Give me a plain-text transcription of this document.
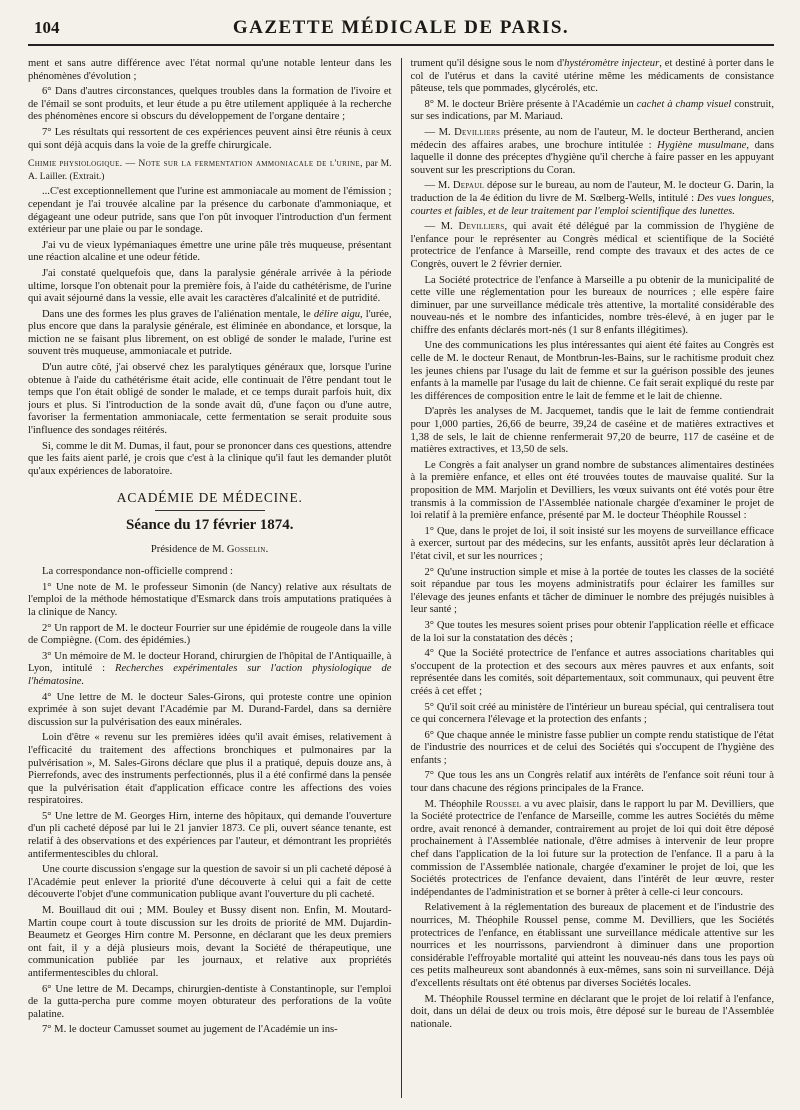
104	GAZETTE MÉDICALE DE PARIS.

ment et sans autre différence avec l'état normal qu'une notable lenteur dans les phénomènes d'évolution ;

6° Dans d'autres circonstances, quelques troubles dans la formation de l'ivoire et de l'émail se sont produits, et leur étude a pu être utilement appliquée à la recherche des phénomènes encore si obscurs du développement de l'organe dentaire ;

7° Les résultats qui ressortent de ces expériences peuvent ainsi être réunis à ceux qui sont déjà acquis dans la voie de la greffe chirurgicale.

Chimie physiologique. — Note sur la fermentation ammoniacale de l'urine, par M. A. Lailler. (Extrait.)

...C'est exceptionnellement que l'urine est ammoniacale au moment de l'émission ; cependant je l'ai trouvée alcaline par la présence du carbonate d'ammoniaque, et dégageant une odeur putride, sans que l'on pût invoquer l'introduction d'un ferment extérieur par une plaie ou par le sondage.

J'ai vu de vieux lypémaniaques émettre une urine pâle très muqueuse, présentant une réaction alcaline et une odeur fétide.

J'ai constaté quelquefois que, dans la paralysie générale arrivée à la période ultime, lorsque l'on obtenait pour la première fois, à l'aide du cathétérisme, de l'urine qui avait séjourné dans la vessie, elle avait les caractères d'alcalinité et de putridité.

Dans une des formes les plus graves de l'aliénation mentale, le délire aigu, l'urée, plus encore que dans la paralysie générale, est éliminée en abondance, et lorsque, la miction ne se faisant plus librement, on est obligé de sonder le malade, l'urine est souvent très muqueuse, ammoniacale et putride.

D'un autre côté, j'ai observé chez les paralytiques généraux que, lorsque l'urine obtenue à l'aide du cathétérisme était acide, elle continuait de l'être pendant tout le temps que l'on était obligé de sonder le malade, et ce temps durait parfois huit, dix jours et plus. Si l'introduction de la sonde avait dû, d'une façon ou d'une autre, favoriser la fermentation ammoniacale, cette fermentation se serait produite sous l'influence des sondages réitérés.

Si, comme le dit M. Dumas, il faut, pour se prononcer dans ces questions, attendre que les faits aient parlé, je crois que c'est à la clinique qu'il faut les demander plutôt qu'aux expériences de laboratoire.

ACADÉMIE DE MÉDECINE.
Séance du 17 février 1874.

Présidence de M. Gosselin.

La correspondance non-officielle comprend :

1° Une note de M. le professeur Simonin (de Nancy) relative aux résultats de l'emploi de la méthode hémostatique d'Esmarck dans trois amputations pratiquées à la clinique de Nancy.

2° Un rapport de M. le docteur Fourrier sur une épidémie de rougeole dans la ville de Compiègne. (Com. des épidémies.)

3° Un mémoire de M. le docteur Horand, chirurgien de l'hôpital de l'Antiquaille, à Lyon, intitulé : Recherches expérimentales sur l'action physiologique de l'hématosine.

4° Une lettre de M. le docteur Sales-Girons, qui proteste contre une opinion exprimée à son sujet devant l'Académie par M. Durand-Fardel, dans sa dernière discussion sur la pulvérisation des eaux minérales.

Loin d'être « revenu sur les premières idées qu'il avait émises, relativement à l'efficacité du traitement des affections bronchiques et pulmonaires par la pulvérisation », M. Sales-Girons déclare que plus il a pratiqué, depuis douze ans, à Pierrefonds, avec des instruments perfectionnés, plus il a été confirmé dans la pensée que la pulvérisation était d'application efficace contre les affections des voies respiratoires.

5° Une lettre de M. Georges Hirn, interne des hôpitaux, qui demande l'ouverture d'un pli cacheté déposé par lui le 21 janvier 1873. Ce pli, ouvert séance tenante, est relatif à des observations et des expériences par l'auteur, et démontrant les propriétés antifermentescibles du chloral.

Une courte discussion s'engage sur la question de savoir si un pli cacheté déposé à l'Académie peut enlever la priorité d'une découverte à celui qui a fait de cette découverte l'objet d'une communication publique avant l'ouverture du pli cacheté.

M. Bouillaud dit oui ; MM. Bouley et Bussy disent non. Enfin, M. Moutard-Martin coupe court à toute discussion sur les droits de priorité de MM. Dujardin-Beaumetz et Georges Hirn contre M. Personne, en déclarant que les deux premiers ont fait, il y a déjà plusieurs mois, devant la Société de thérapeutique, une communication publiée par les journaux, et relative aux propriétés antifermentescibles du chloral.

6° Une lettre de M. Decamps, chirurgien-dentiste à Constantinople, sur l'emploi de la gutta-percha pure comme moyen obturateur des perforations de la voûte palatine.

7° M. le docteur Camusset soumet au jugement de l'Académie un ins-

trument qu'il désigne sous le nom d'hystéromètre injecteur, et destiné à porter dans le col de l'utérus et dans la cavité utérine même les médicaments de consistance pâteuse, tels que pommades, glycérolés, etc.

8° M. le docteur Brière présente à l'Académie un cachet à champ visuel construit, sur ses indications, par M. Mariaud.

— M. Devilliers présente, au nom de l'auteur, M. le docteur Bertherand, ancien médecin des affaires arabes, une brochure intitulée : Hygiène musulmane, dans laquelle il donne des préceptes d'hygiène qu'il cherche à faire passer en les appuyant souvent sur les prescriptions du Coran.

— M. Depaul dépose sur le bureau, au nom de l'auteur, M. le docteur G. Darin, la traduction de la 4e édition du livre de M. Sœlberg-Wells, intitulé : Des vues longues, courtes et faibles, et de leur traitement par l'emploi scientifique des lunettes.

— M. Devilliers, qui avait été délégué par la commission de l'hygiène de l'enfance pour le représenter au Congrès médical et scientifique de la Société protectrice de l'enfance à Marseille, rend compte des travaux et des actes de ce Congrès, ouvert le 2 février dernier.

La Société protectrice de l'enfance à Marseille a pu obtenir de la municipalité de cette ville une réglementation pour les bureaux de nourrices ; elle espère faire diminuer, par une surveillance médicale très attentive, la mortalité considérable des nouveau-nés et le nombre des infanticides, nombre très-élevé, à en juger par le chiffre des enfants déclarés mort-nés (1 sur 8 enfants illégitimes).

Une des communications les plus intéressantes qui aient été faites au Congrès est celle de M. le docteur Renaut, de Montbrun-les-Bains, sur le rachitisme produit chez les jeunes chiens par l'usage du lait de femme et sur la guérison possible des jeunes enfants à la mamelle par l'usage du lait de chienne. Ce fait serait expliqué du reste par les différences de composition entre le lait de femme et le lait de chienne.

D'après les analyses de M. Jacquemet, tandis que le lait de femme contiendrait pour 1,000 parties, 26,66 de beurre, 39,24 de caséine et de matières extractives et 1,38 de sels, le lait de chienne renfermerait 97,20 de beurre, 117 de caséine et de matières extractives, et 13,50 de sels.

Le Congrès a fait analyser un grand nombre de substances alimentaires destinées à la première enfance, et elles ont été trouvées toutes de mauvaise qualité. Sur la proposition de MM. Marjolin et Devilliers, les vœux suivants ont été votés pour être transmis à la commission de l'Assemblée nationale chargée d'examiner le projet de loi relatif à la première enfance, présenté par M. le docteur Théophile Roussel :

1° Que, dans le projet de loi, il soit insisté sur les moyens de surveillance efficace à exercer, surtout par des médecins, sur les enfants, aussitôt après leur déclaration à l'état civil, et sur les nourrices ;

2° Qu'une instruction simple et mise à la portée de toutes les classes de la société soit répandue par tous les moyens administratifs pour éclairer les familles sur l'élevage des jeunes enfants et tâcher de diminuer le nombre des préjugés nuisibles à leur santé ;

3° Que toutes les mesures soient prises pour obtenir l'application réelle et efficace de la loi sur la constatation des décès ;

4° Que la Société protectrice de l'enfance et autres associations charitables qui s'occupent de la protection et des secours aux mères pauvres et aux enfants, soit représentée dans les comités, soit départementaux, soit communaux, qui peuvent être créés à cet effet ;

5° Qu'il soit créé au ministère de l'intérieur un bureau spécial, qui centralisera tout ce qui concernera l'élevage et la protection des enfants ;

6° Que chaque année le ministre fasse publier un compte rendu statistique de l'état de l'industrie des nourrices et de celui des Sociétés qui s'occupent de l'hygiène des enfants ;

7° Que tous les ans un Congrès relatif aux intérêts de l'enfance soit réuni tour à tour dans chacune des régions principales de la France.

M. Théophile Roussel a vu avec plaisir, dans le rapport lu par M. Devilliers, que la Société protectrice de l'enfance de Marseille, comme les autres Sociétés du même ordre, avait renoncé à demander, contrairement au projet de loi qui doit être déposé prochainement à l'Assemblée nationale, d'être admises à intervenir de leur propre chef dans l'application de la loi future sur la protection de l'enfance. Il a paru à la commission de l'Assemblée nationale, chargée d'examiner le projet de loi, que les Sociétés protectrices de l'enfance devaient, dans l'intérêt de leur œuvre, rester indépendantes de l'administration et se borner à prêter à celle-ci leur concours.

Relativement à la réglementation des bureaux de placement et de l'industrie des nourrices, M. Théophile Roussel pense, comme M. Devilliers, que les Sociétés protectrices de l'enfance, en établissant une surveillance médicale attentive sur les nourrices et les nourrissons, parviendront à diminuer dans une proportion considérable l'effroyable mortalité qui atteint les nouveau-nés dans tous les pays où ces petits malheureux sont abandonnés à eux-mêmes, sans soin ni surveillance. Déjà d'excellents résultats ont été obtenus par diverses Sociétés locales.

M. Théophile Roussel termine en déclarant que le projet de loi relatif à l'enfance, doit, dans un délai de deux ou trois mois, être déposé sur le bureau de l'Assemblée nationale.
